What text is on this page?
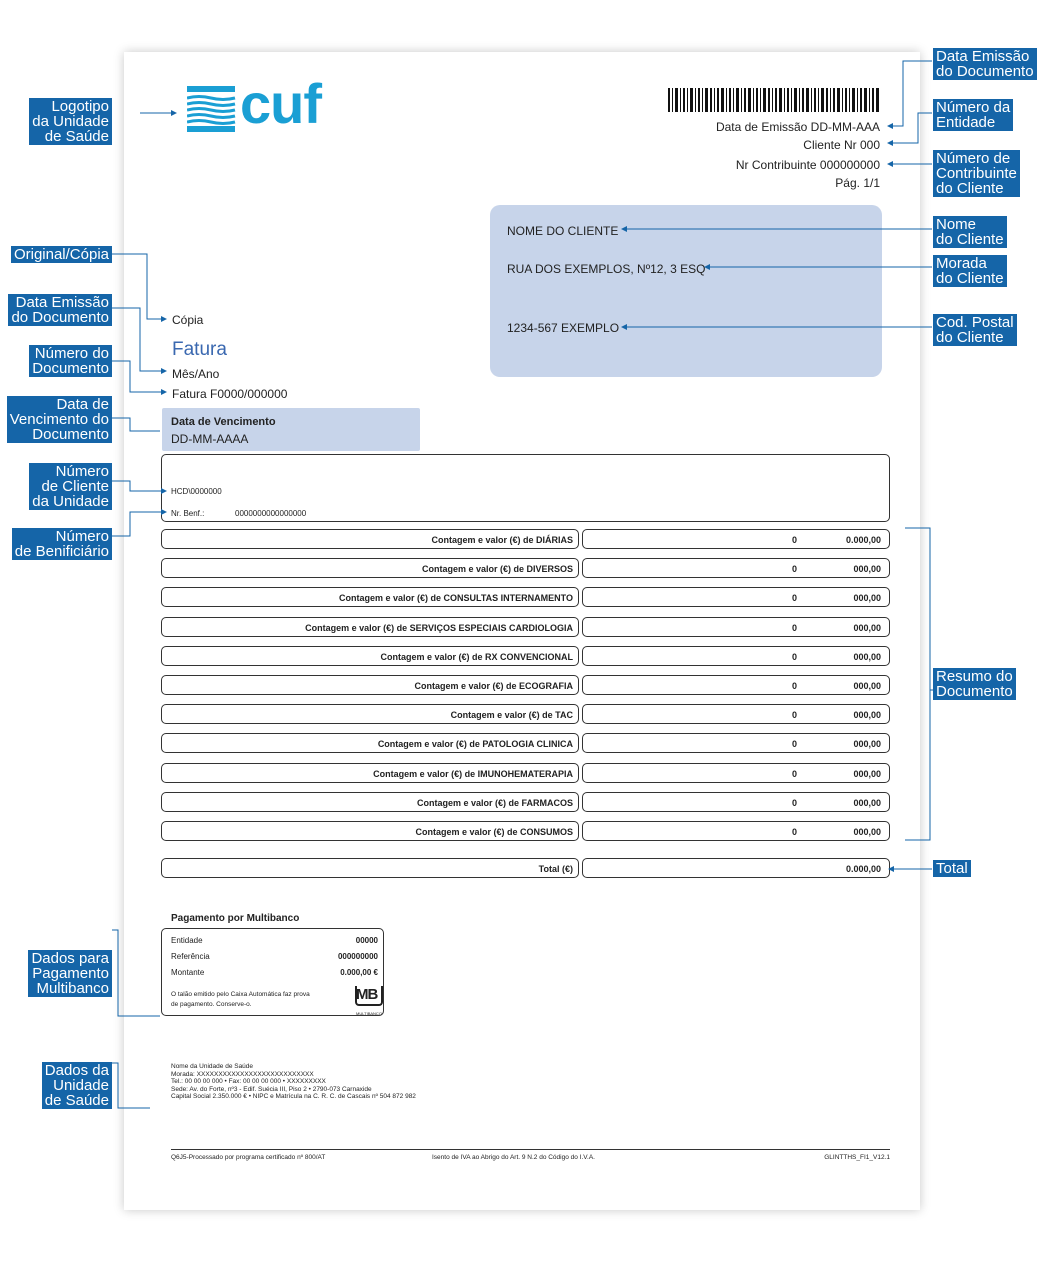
cuf	Data de Emissão DD-MM-AAA
Cliente Nr 000
Nr Contribuinte 000000000
Pág. 1/1
NOME DO CLIENTE
RUA DOS EXEMPLOS, Nº12, 3 ESQ
1234-567 EXEMPLO
Cópia
Fatura
Mês/Ano
Fatura F0000/000000
Data de Vencimento
DD-MM-AAAA
HCD\0000000
Nr. Benf.:	0000000000000000
Contagem e valor (€) de DIÁRIAS	0	0.000,00
Contagem e valor (€) de DIVERSOS	0	000,00
Contagem e valor (€) de CONSULTAS INTERNAMENTO	0	000,00
Contagem e valor (€) de SERVIÇOS ESPECIAIS CARDIOLOGIA	0	000,00
Contagem e valor (€) de RX CONVENCIONAL	0	000,00
Contagem e valor (€) de ECOGRAFIA	0	000,00
Contagem e valor (€) de TAC	0	000,00
Contagem e valor (€) de PATOLOGIA CLINICA	0	000,00
Contagem e valor (€) de IMUNOHEMATERAPIA	0	000,00
Contagem e valor (€) de FARMACOS	0	000,00
Contagem e valor (€) de CONSUMOS	0	000,00
Total (€)	0.000,00
Pagamento por Multibanco
Entidade	00000
Referência	000000000
Montante	0.000,00 €
O talão emitido pelo Caixa Automática faz prova
de pagamento. Conserve-o.
MB
MULTIBANCO
Nome da Unidade de Saúde
Morada: XXXXXXXXXXXXXXXXXXXXXXXXXXX
Tel.: 00 00 00 000 • Fax: 00 00 00 000 • XXXXXXXXX
Sede: Av. do Forte, nº3 - Edif. Suécia III, Piso 2 • 2790-073 Carnaxide
Capital Social 2.350.000 € • NIPC e Matrícula na C. R. C. de Cascais nº 504 872 982
Q6J5-Processado por programa certificado nº 800/AT	Isento de IVA ao Abrigo do Art. 9 N.2 do Código do I.V.A.	GLINTTHS_FI1_V12.1
Logotipo
da Unidade
de Saúde
Original/Cópia
Data Emissão
do Documento
Número do
Documento
Data de
Vencimento do
Documento
Número
de Cliente
da Unidade
Número
de Benificiário
Dados para
Pagamento
Multibanco
Dados da
Unidade
de Saúde
Data Emissão
do Documento
Número da
Entidade
Número de
Contribuinte
do Cliente
Nome
do Cliente
Morada
do Cliente
Cod. Postal
do Cliente
Resumo do
Documento
Total
